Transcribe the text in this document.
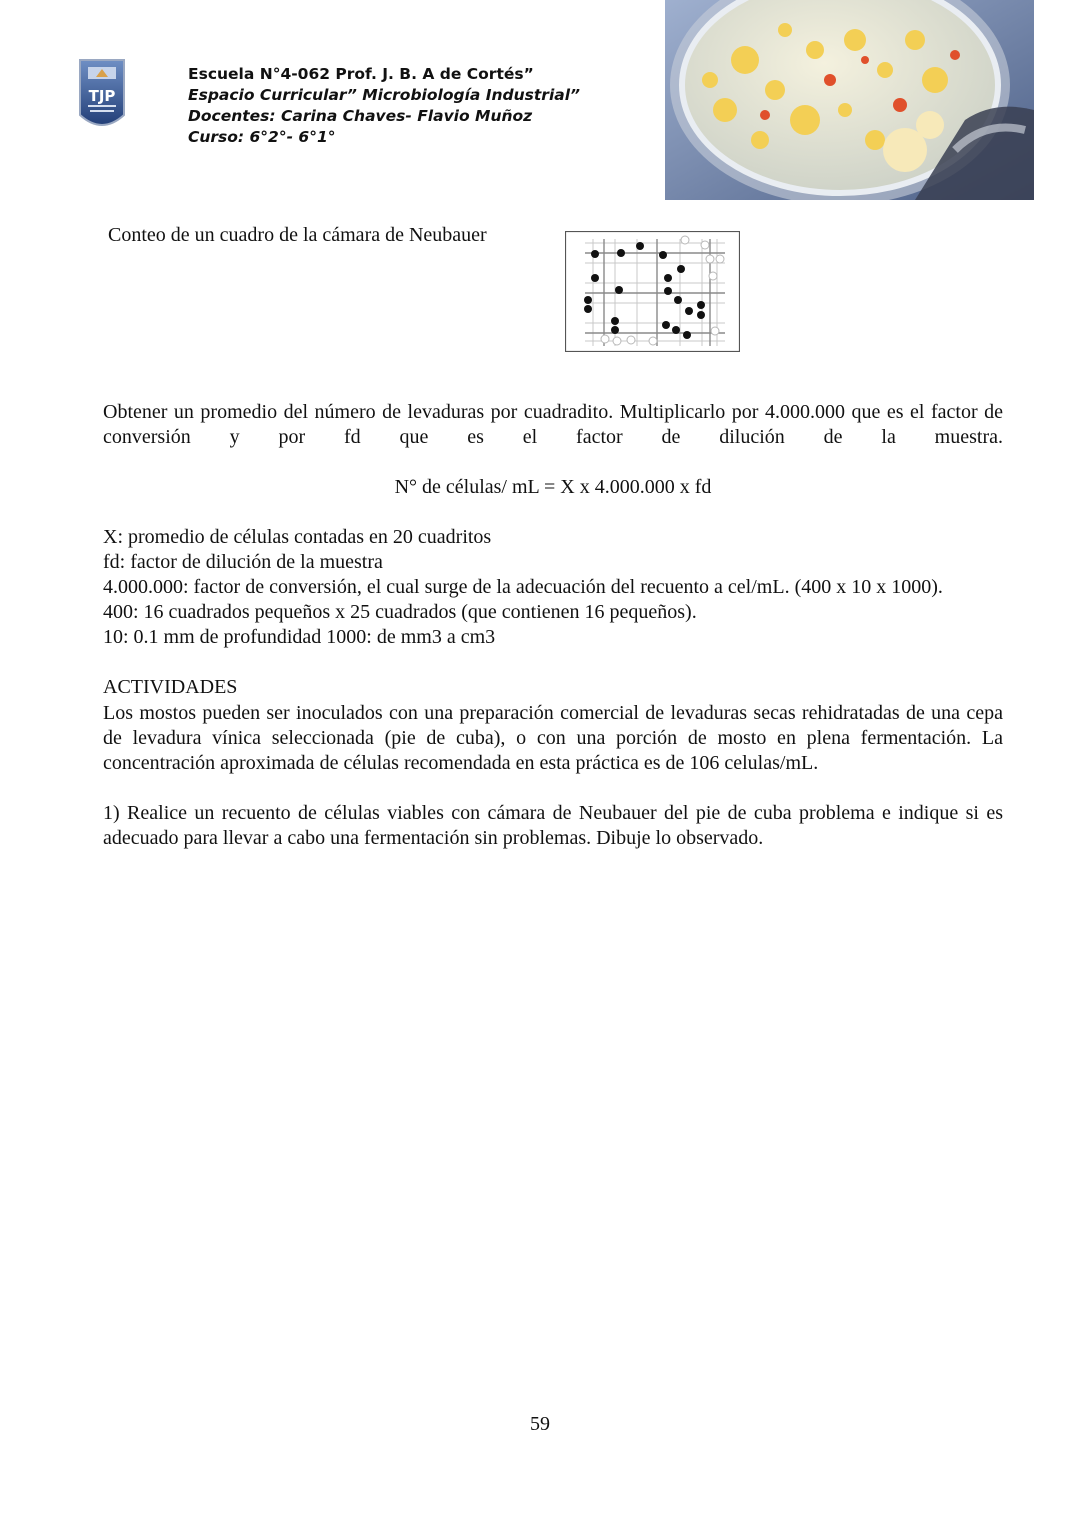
TJP
Escuela N°4-062 Prof. J. B. A de Cortés”
Espacio Curricular” Microbiología Industrial”
Docentes: Carina Chaves- Flavio Muñoz
Curso: 6°2°- 6°1°
Conteo de un cuadro de la cámara de Neubauer

Obtener un promedio del número de levaduras por cuadradito. Multiplicarlo por 4.000.000 que es el factor de conversión y por fd que es el factor de dilución de la muestra.

N° de células/ mL = X x 4.000.000 x fd
X: promedio de células contadas en 20 cuadritos
fd: factor de dilución de la muestra
4.000.000: factor de conversión, el cual surge de la adecuación del recuento a cel/mL. (400 x 10 x 1000).
400: 16 cuadrados pequeños x 25 cuadrados (que contienen 16 pequeños).
10: 0.1 mm de profundidad 1000: de mm3 a cm3
ACTIVIDADES

Los mostos pueden ser inoculados con una preparación comercial de levaduras secas rehidratadas de una cepa de levadura vínica seleccionada (pie de cuba), o con una porción de mosto en plena fermentación. La concentración aproximada de células recomendada en esta práctica es de 106 celulas/mL.

1) Realice un recuento de células viables con cámara de Neubauer del pie de cuba problema e indique si es adecuado para llevar a cabo una fermentación sin problemas. Dibuje lo observado.

59
